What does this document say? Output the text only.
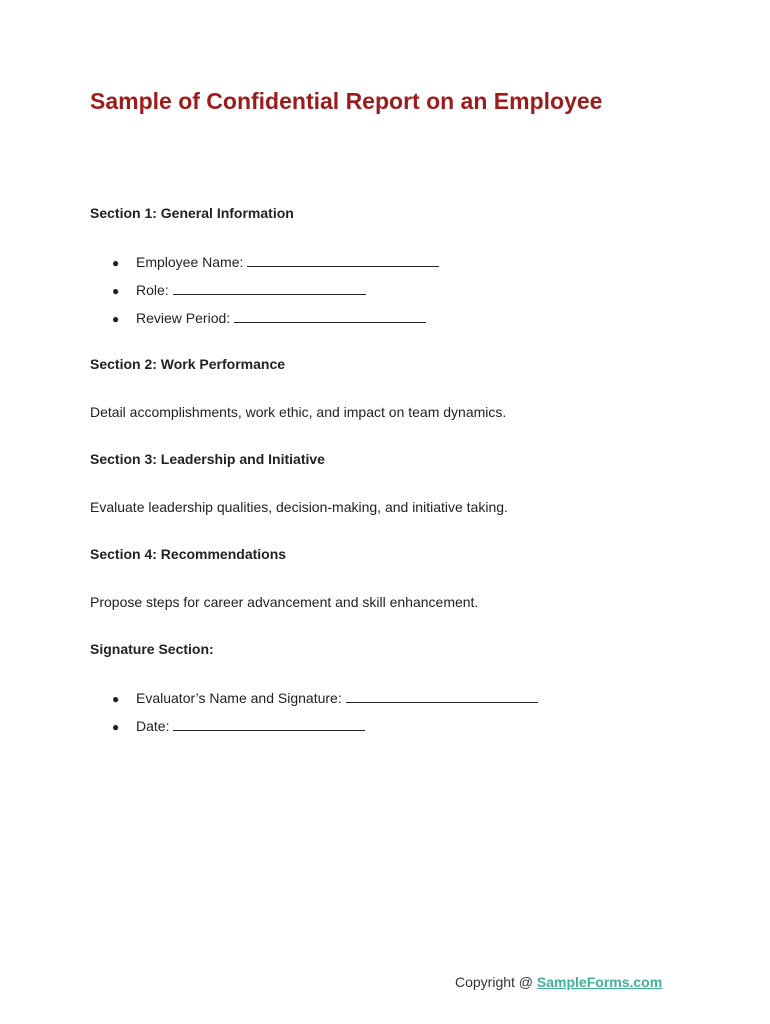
Sample of Confidential Report on an Employee
Section 1: General Information
●	Employee Name:
●	Role:
●	Review Period:
Section 2: Work Performance

Detail accomplishments, work ethic, and impact on team dynamics.

Section 3: Leadership and Initiative

Evaluate leadership qualities, decision-making, and initiative taking.

Section 4: Recommendations

Propose steps for career advancement and skill enhancement.

Signature Section:
●	Evaluator’s Name and Signature:
●	Date:
Copyright @ SampleForms.com
